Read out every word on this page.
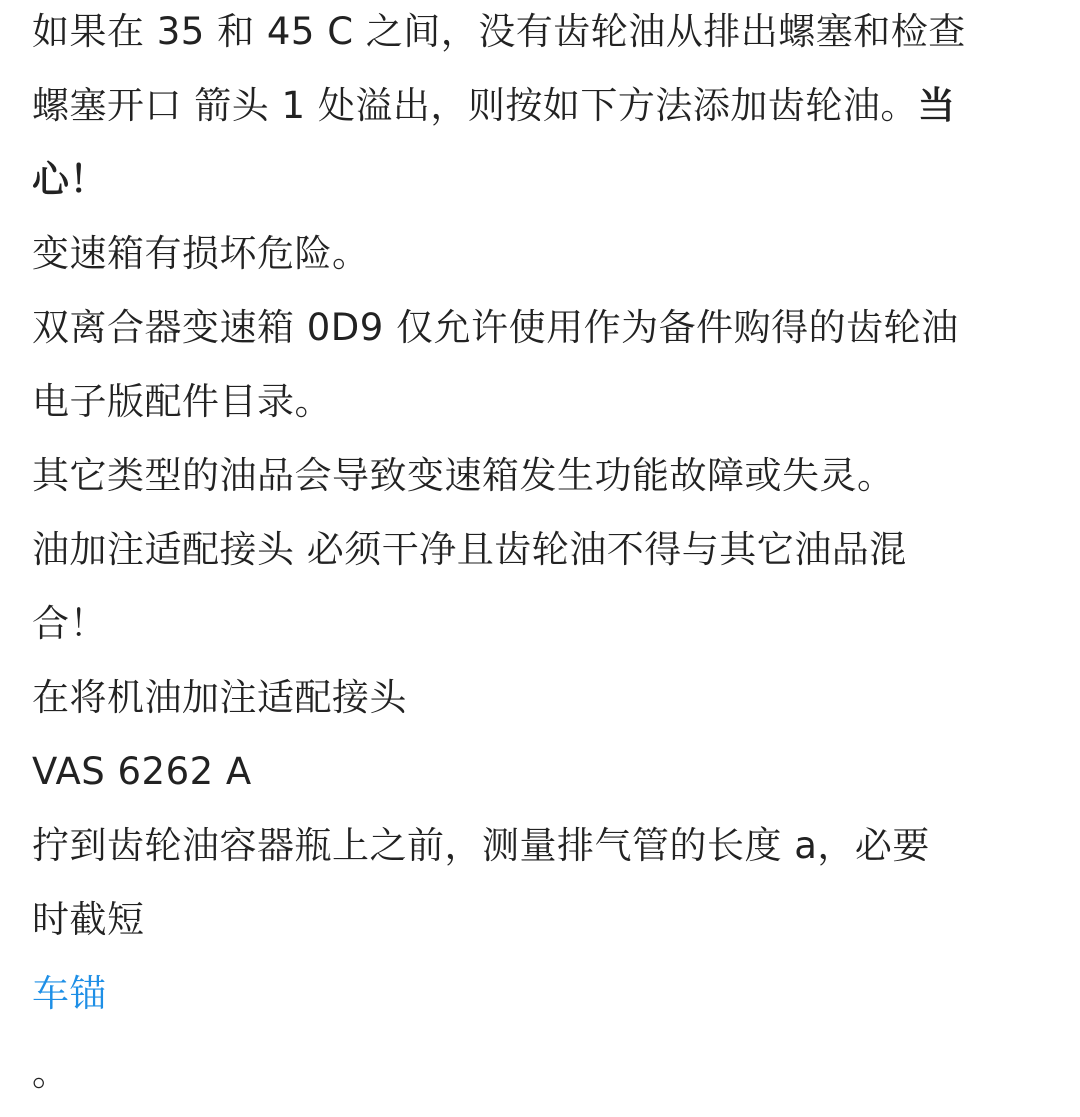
如果在 35 和 45 C 之间，没有齿轮油从排出螺塞和检查
螺塞开口 箭头 1 处溢出，则按如下方法添加齿轮油。当
心！
变速箱有损坏危险。
双离合器变速箱 0D9 仅允许使用作为备件购得的齿轮油
电子版配件目录。
其它类型的油品会导致变速箱发生功能故障或失灵。
油加注适配接头 必须干净且齿轮油不得与其它油品混
合！
在将机油加注适配接头
VAS 6262 A
拧到齿轮油容器瓶上之前，测量排气管的长度 a，必要
时截短
车锚
。
